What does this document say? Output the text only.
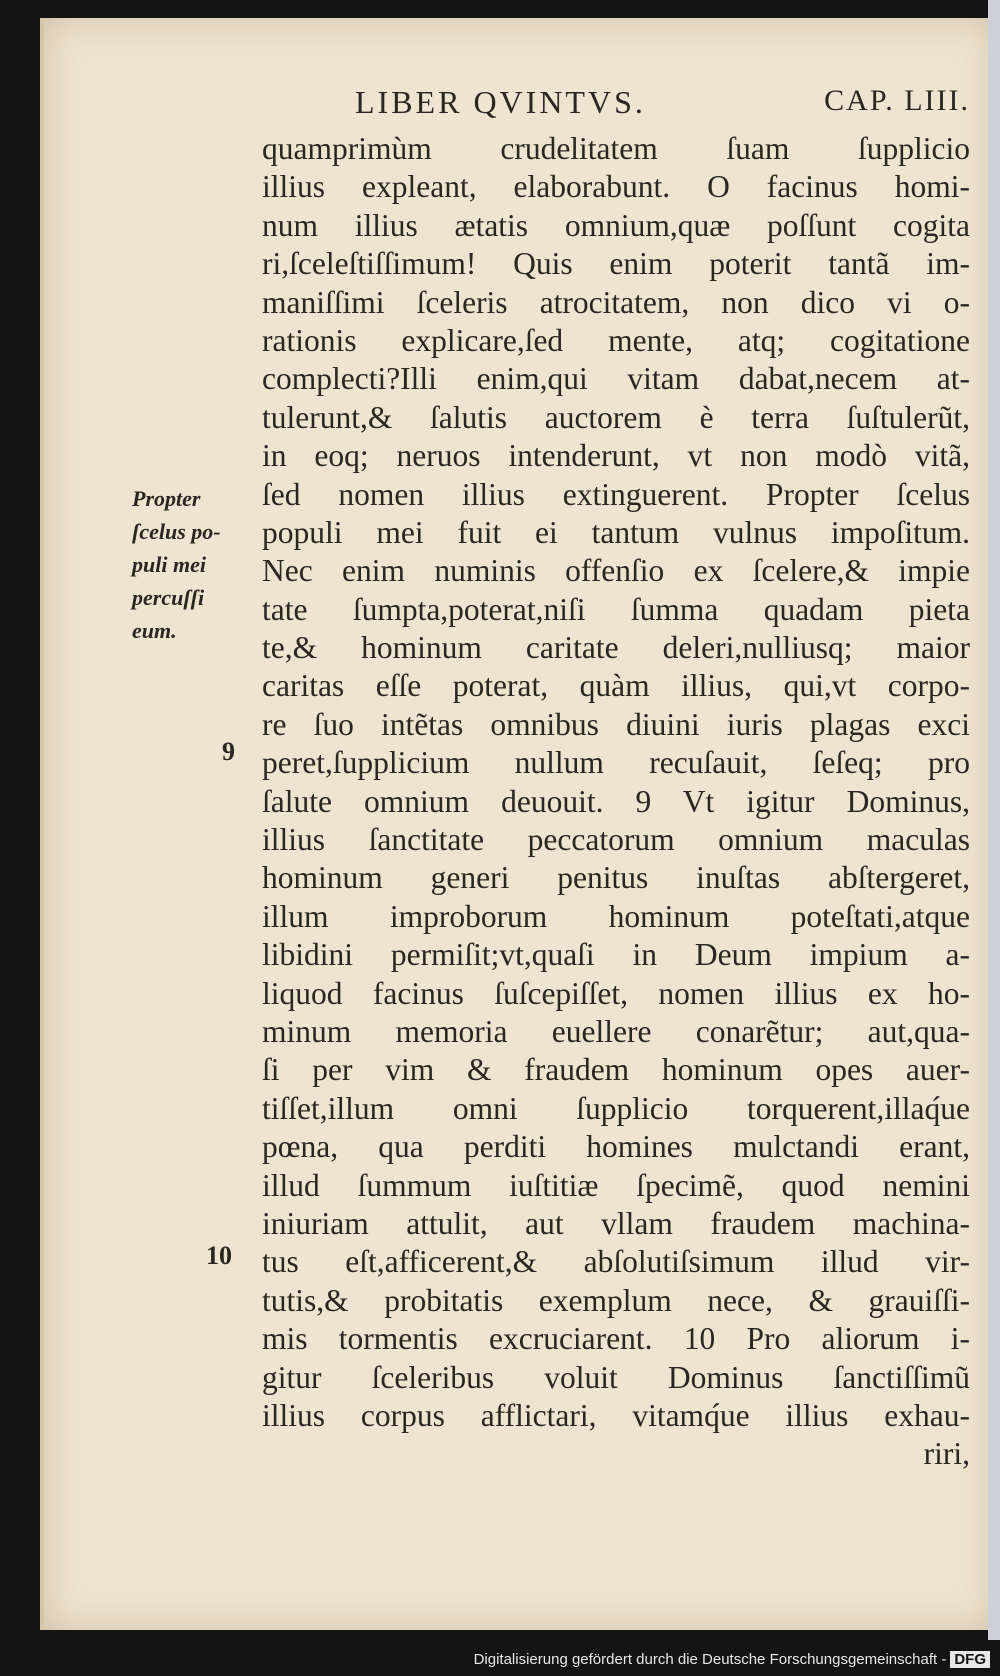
LIBER QVINTVS.	CAP. LIII.
Propter
ſcelus po-
puli mei
percuſſi
eum.
9
10
quamprimùm crudelitatem ſuam ſupplicio
illius expleant, elaborabunt. O facinus homi-
num illius ætatis omnium,quæ poſſunt cogita
ri,ſceleſtiſſimum! Quis enim poterit tantã im-
maniſſimi ſceleris atrocitatem, non dico vi o-
rationis explicare,ſed mente, atq; cogitatione
complecti?Illi enim,qui vitam dabat,necem at-
tulerunt,& ſalutis auctorem è terra ſuſtulerũt,
in eoq; neruos intenderunt, vt non modò vitã,
ſed nomen illius extinguerent. Propter ſcelus
populi mei fuit ei tantum vulnus impoſitum.
Nec enim numinis offenſio ex ſcelere,& impie
tate ſumpta,poterat,niſi ſumma quadam pieta
te,& hominum caritate deleri,nulliusq; maior
caritas eſſe poterat, quàm illius, qui,vt corpo-
re ſuo intẽtas omnibus diuini iuris plagas exci
peret,ſupplicium nullum recuſauit, ſeſeq; pro
ſalute omnium deuouit. 9 Vt igitur Dominus,
illius ſanctitate peccatorum omnium maculas
hominum generi penitus inuſtas abſtergeret,
illum improborum hominum poteſtati,atque
libidini permiſit;vt,quaſi in Deum impium a-
liquod facinus ſuſcepiſſet, nomen illius ex ho-
minum memoria euellere conarẽtur; aut,qua-
ſi per vim & fraudem hominum opes auer-
tiſſet,illum omni ſupplicio torquerent,illaq́ue
pœna, qua perditi homines mulctandi erant,
illud ſummum iuſtitiæ ſpecimẽ, quod nemini
iniuriam attulit, aut vllam fraudem machina-
tus eſt,afficerent,& abſolutiſsimum illud vir-
tutis,& probitatis exemplum nece, & grauiſſi-
mis tormentis excruciarent. 10 Pro aliorum i-
gitur ſceleribus voluit Dominus ſanctiſſimũ
illius corpus afflictari, vitamq́ue illius exhau-
riri,
Digitalisierung gefördert durch die Deutsche Forschungsgemeinschaft - DFG
